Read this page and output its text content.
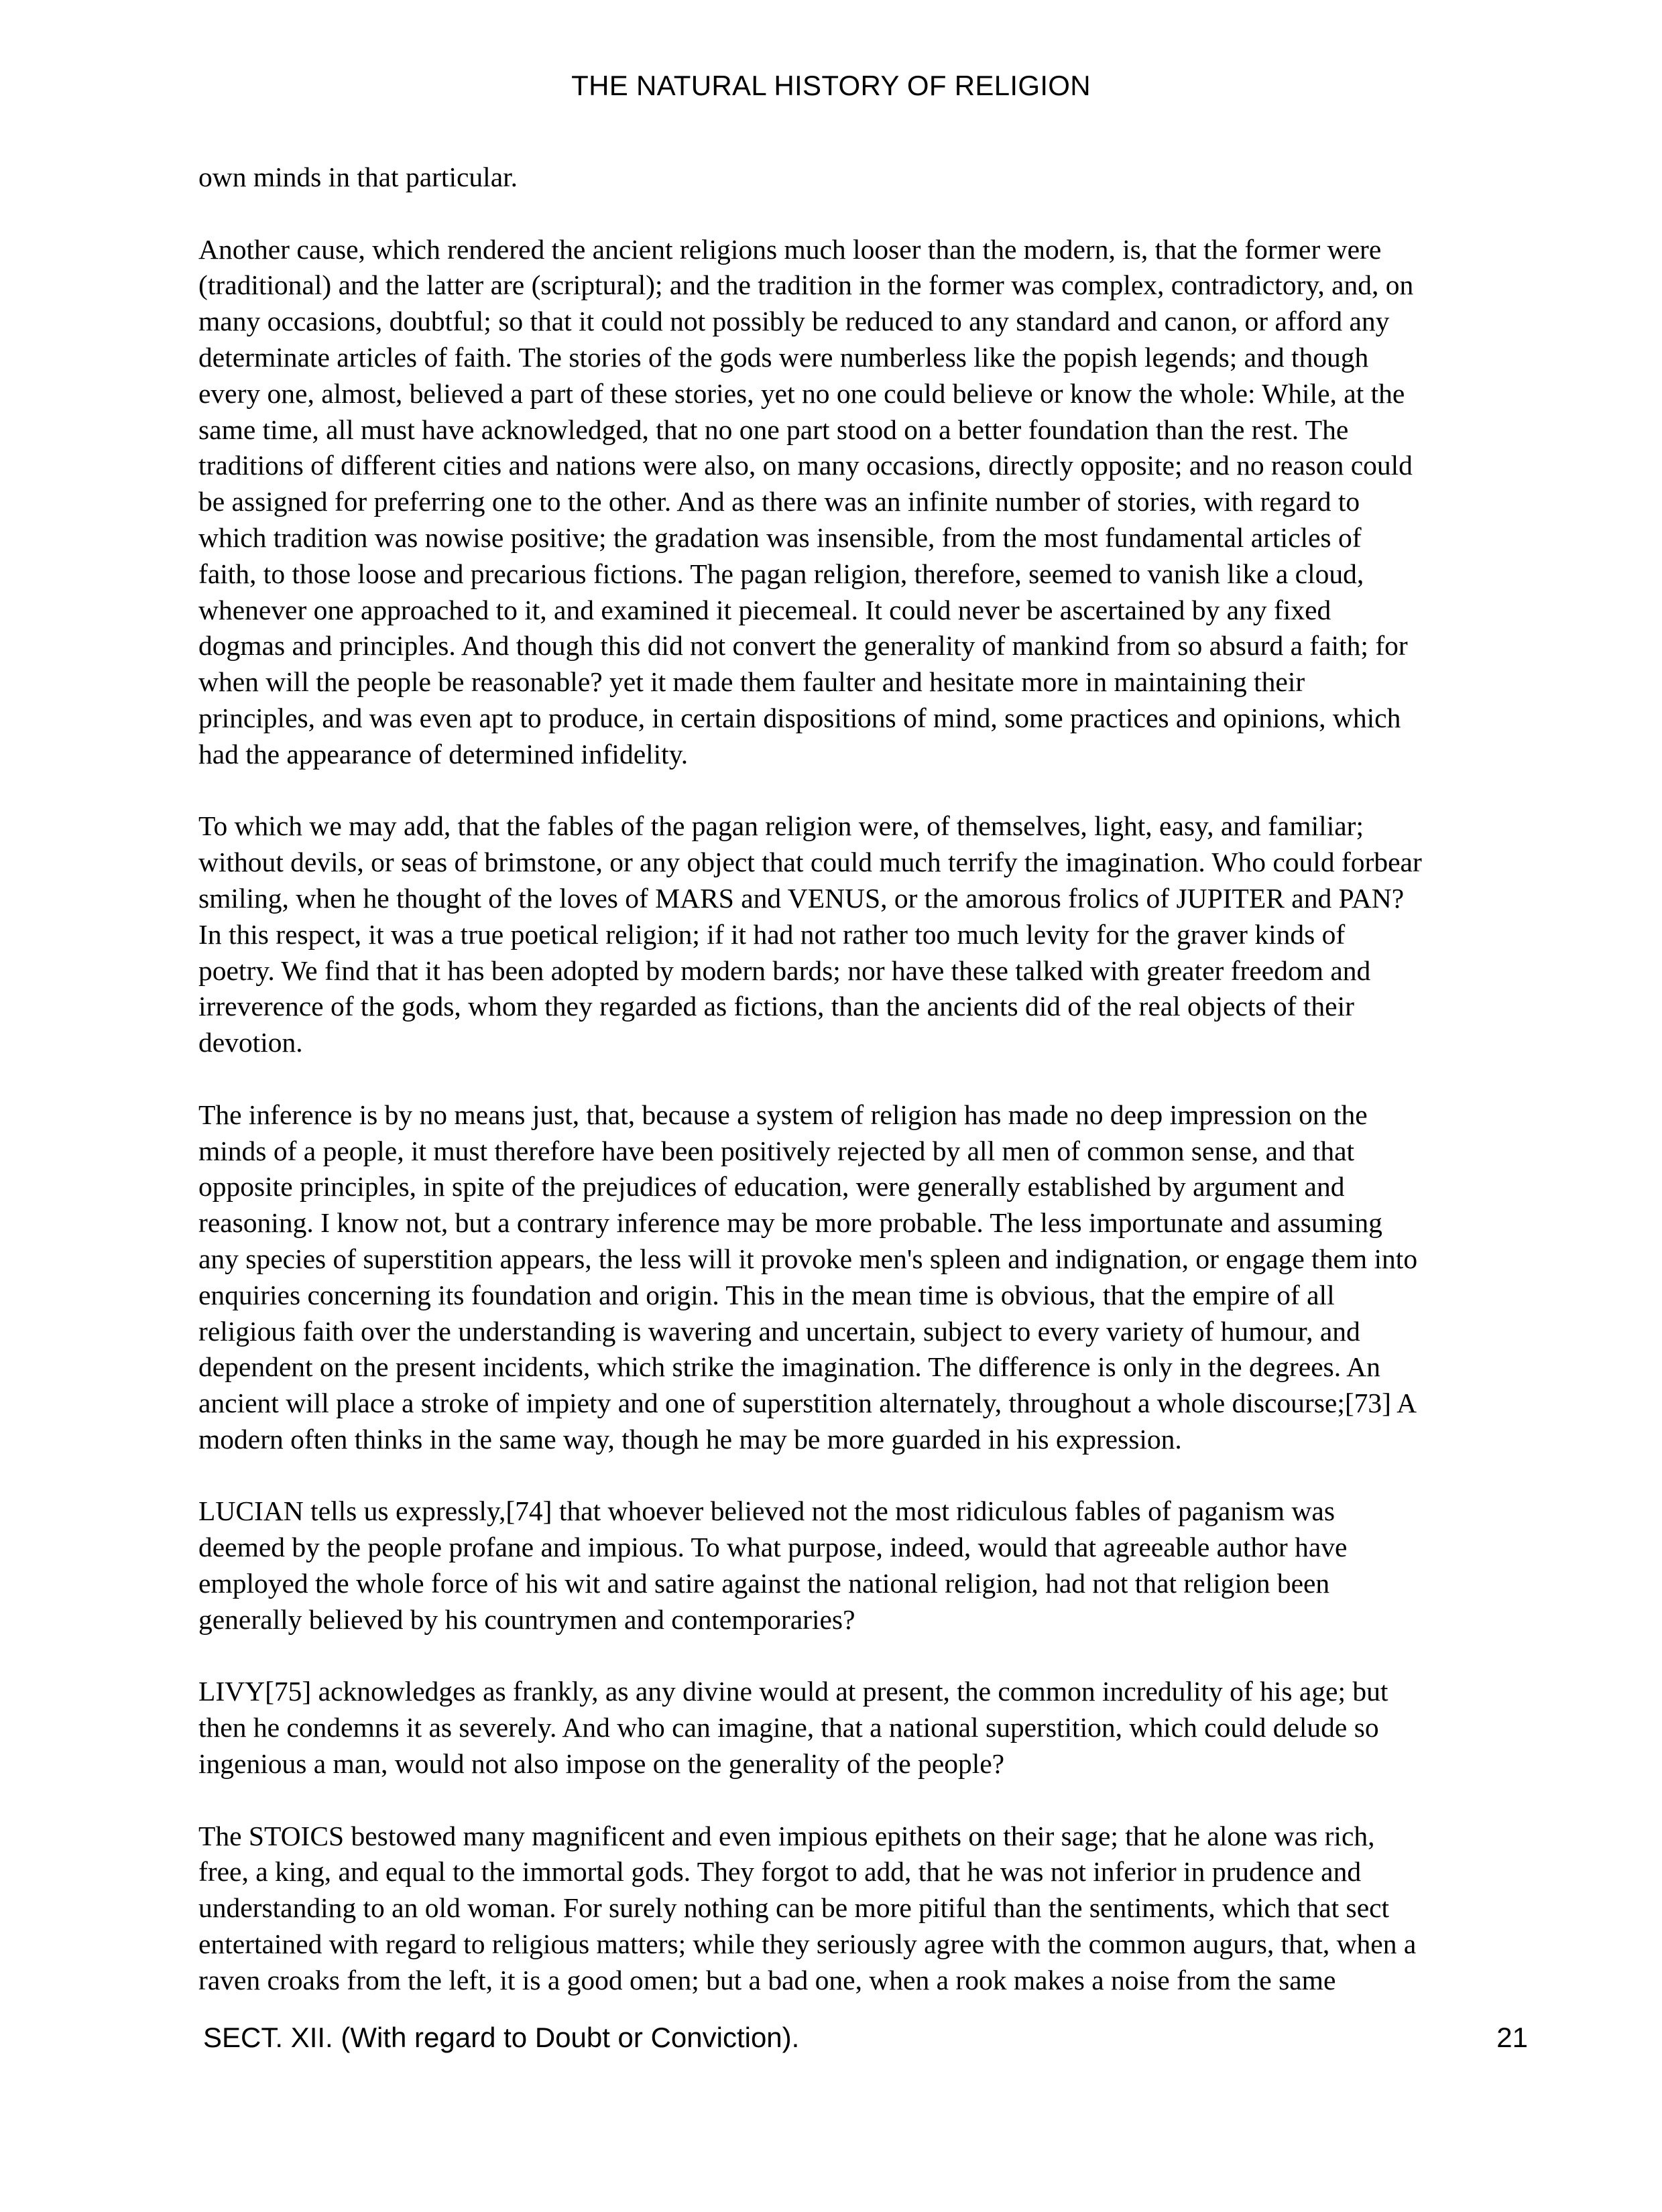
THE NATURAL HISTORY OF RELIGION
own minds in that particular.
Another cause, which rendered the ancient religions much looser than the modern, is, that the former were
(traditional) and the latter are (scriptural); and the tradition in the former was complex, contradictory, and, on
many occasions, doubtful; so that it could not possibly be reduced to any standard and canon, or afford any
determinate articles of faith. The stories of the gods were numberless like the popish legends; and though
every one, almost, believed a part of these stories, yet no one could believe or know the whole: While, at the
same time, all must have acknowledged, that no one part stood on a better foundation than the rest. The
traditions of different cities and nations were also, on many occasions, directly opposite; and no reason could
be assigned for preferring one to the other. And as there was an infinite number of stories, with regard to
which tradition was nowise positive; the gradation was insensible, from the most fundamental articles of
faith, to those loose and precarious fictions. The pagan religion, therefore, seemed to vanish like a cloud,
whenever one approached to it, and examined it piecemeal. It could never be ascertained by any fixed
dogmas and principles. And though this did not convert the generality of mankind from so absurd a faith; for
when will the people be reasonable? yet it made them faulter and hesitate more in maintaining their
principles, and was even apt to produce, in certain dispositions of mind, some practices and opinions, which
had the appearance of determined infidelity.
To which we may add, that the fables of the pagan religion were, of themselves, light, easy, and familiar;
without devils, or seas of brimstone, or any object that could much terrify the imagination. Who could forbear
smiling, when he thought of the loves of MARS and VENUS, or the amorous frolics of JUPITER and PAN?
In this respect, it was a true poetical religion; if it had not rather too much levity for the graver kinds of
poetry. We find that it has been adopted by modern bards; nor have these talked with greater freedom and
irreverence of the gods, whom they regarded as fictions, than the ancients did of the real objects of their
devotion.
The inference is by no means just, that, because a system of religion has made no deep impression on the
minds of a people, it must therefore have been positively rejected by all men of common sense, and that
opposite principles, in spite of the prejudices of education, were generally established by argument and
reasoning. I know not, but a contrary inference may be more probable. The less importunate and assuming
any species of superstition appears, the less will it provoke men's spleen and indignation, or engage them into
enquiries concerning its foundation and origin. This in the mean time is obvious, that the empire of all
religious faith over the understanding is wavering and uncertain, subject to every variety of humour, and
dependent on the present incidents, which strike the imagination. The difference is only in the degrees. An
ancient will place a stroke of impiety and one of superstition alternately, throughout a whole discourse;[73] A
modern often thinks in the same way, though he may be more guarded in his expression.
LUCIAN tells us expressly,[74] that whoever believed not the most ridiculous fables of paganism was
deemed by the people profane and impious. To what purpose, indeed, would that agreeable author have
employed the whole force of his wit and satire against the national religion, had not that religion been
generally believed by his countrymen and contemporaries?
LIVY[75] acknowledges as frankly, as any divine would at present, the common incredulity of his age; but
then he condemns it as severely. And who can imagine, that a national superstition, which could delude so
ingenious a man, would not also impose on the generality of the people?
The STOICS bestowed many magnificent and even impious epithets on their sage; that he alone was rich,
free, a king, and equal to the immortal gods. They forgot to add, that he was not inferior in prudence and
understanding to an old woman. For surely nothing can be more pitiful than the sentiments, which that sect
entertained with regard to religious matters; while they seriously agree with the common augurs, that, when a
raven croaks from the left, it is a good omen; but a bad one, when a rook makes a noise from the same
SECT. XII. (With regard to Doubt or Conviction).	21
